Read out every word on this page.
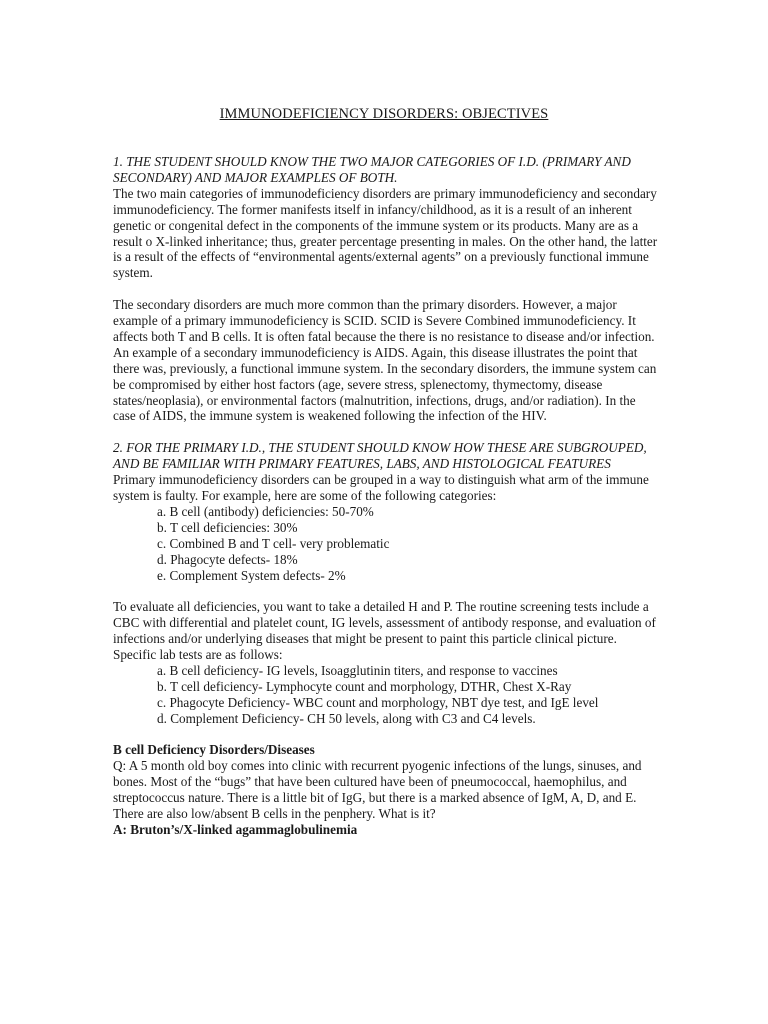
IMMUNODEFICIENCY DISORDERS: OBJECTIVES

1. THE STUDENT SHOULD KNOW THE TWO MAJOR CATEGORIES OF I.D. (PRIMARY AND SECONDARY) AND MAJOR EXAMPLES OF BOTH.

The two main categories of immunodeficiency disorders are primary immunodeficiency and secondary immunodeficiency. The former manifests itself in infancy/childhood, as it is a result of an inherent genetic or congenital defect in the components of the immune system or its products. Many are as a result o X-linked inheritance; thus, greater percentage presenting in males. On the other hand, the latter is a result of the effects of “environmental agents/external agents” on a previously functional immune system.

The secondary disorders are much more common than the primary disorders. However, a major example of a primary immunodeficiency is SCID. SCID is Severe Combined immunodeficiency. It affects both T and B cells. It is often fatal because the there is no resistance to disease and/or infection. An example of a secondary immunodeficiency is AIDS. Again, this disease illustrates the point that there was, previously, a functional immune system. In the secondary disorders, the immune system can be compromised by either host factors (age, severe stress, splenectomy, thymectomy, disease states/neoplasia), or environmental factors (malnutrition, infections, drugs, and/or radiation). In the case of AIDS, the immune system is weakened following the infection of the HIV.

2. FOR THE PRIMARY I.D., THE STUDENT SHOULD KNOW HOW THESE ARE SUBGROUPED, AND BE FAMILIAR WITH PRIMARY FEATURES, LABS, AND HISTOLOGICAL FEATURES

Primary immunodeficiency disorders can be grouped in a way to distinguish what arm of the immune system is faulty. For example, here are some of the following categories:

a. B cell (antibody) deficiencies: 50-70%
b. T cell deficiencies: 30%
c. Combined B and T cell- very problematic
d. Phagocyte defects- 18%
e. Complement System defects- 2%

To evaluate all deficiencies, you want to take a detailed H and P. The routine screening tests include a CBC with differential and platelet count, IG levels, assessment of antibody response, and evaluation of infections and/or underlying diseases that might be present to paint this particle clinical picture. Specific lab tests are as follows:

a. B cell deficiency- IG levels, Isoagglutinin titers, and response to vaccines
b. T cell deficiency- Lymphocyte count and morphology, DTHR, Chest X-Ray
c. Phagocyte Deficiency- WBC count and morphology, NBT dye test, and IgE level
d. Complement Deficiency- CH 50 levels, along with C3 and C4 levels.

B cell Deficiency Disorders/Diseases

Q: A 5 month old boy comes into clinic with recurrent pyogenic infections of the lungs, sinuses, and bones. Most of the “bugs” that have been cultured have been of pneumococcal, haemophilus, and streptococcus nature. There is a little bit of IgG, but there is a marked absence of IgM, A, D, and E. There are also low/absent B cells in the penphery. What is it?

A: Bruton’s/X-linked agammaglobulinemia
